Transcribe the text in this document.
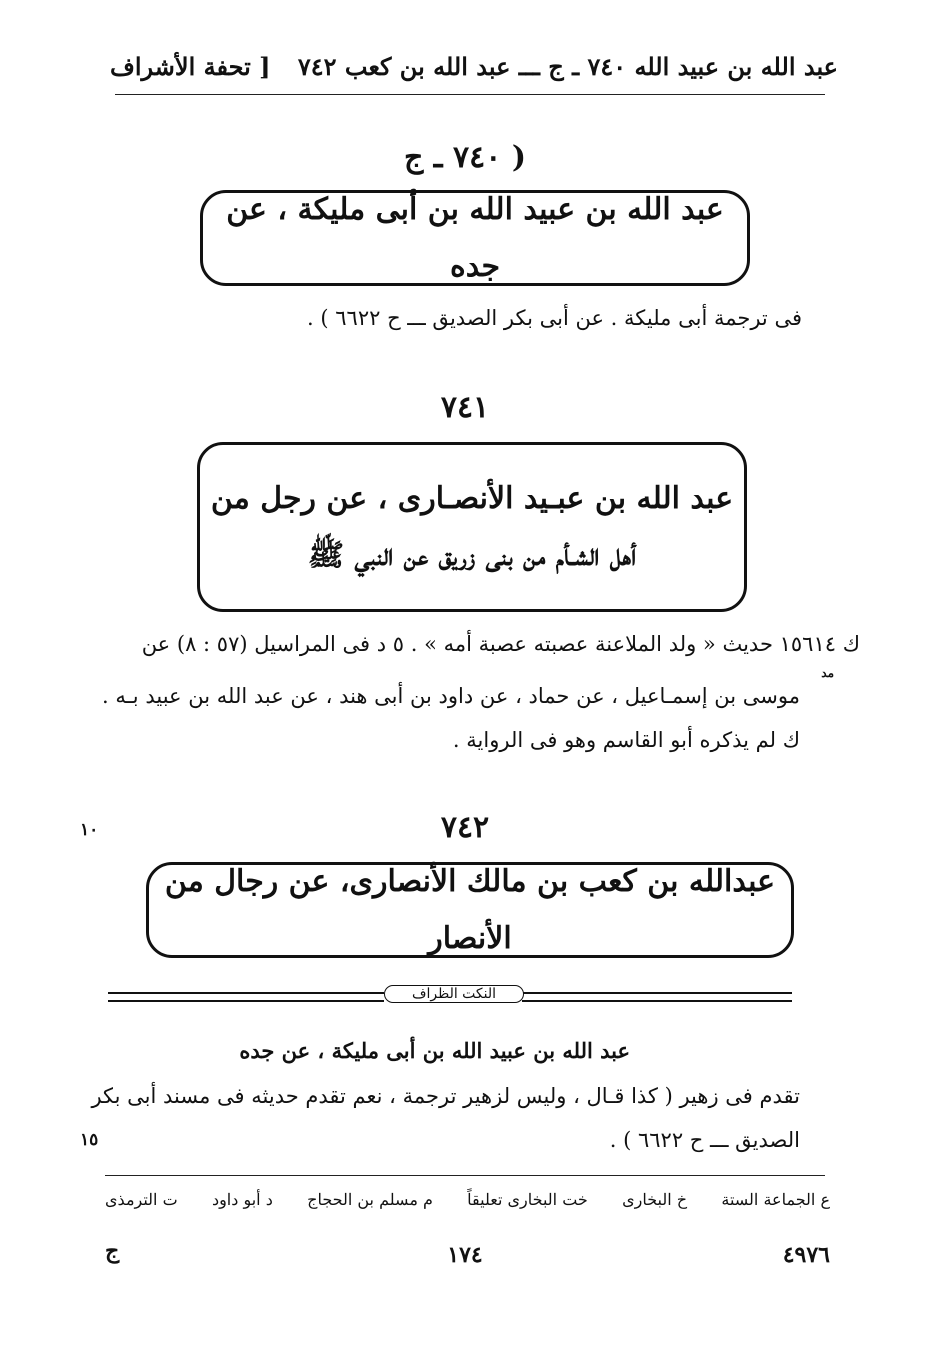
[ تحفة الأشراف عبد الله بن عبيد الله ٧٤٠ ـ ج ـــ عبد الله بن كعب ٧٤٢
( ٧٤٠ ـ ج
عبد الله بن عبيد الله بن أبى مليكة ، عن جده
فى ترجمة أبى مليكة . عن أبى بكر الصديق ـــ ح ٦٦٢٢ ) .
٧٤١
عبد الله بن عبـيد الأنصـارى ، عن رجل من
أهل الشـأم من بنى زريق عن النبي ﷺ
ك ١٥٦١٤ حديث « ولد الملاعنة عصبته عصبة أمه » . ٥ د فى المراسيل (٥٧ : ٨) عن
مد
موسى بن إسمـاعيل ، عن حماد ، عن داود بن أبى هند ، عن عبد الله بن عبيد بـه .
ك لم يذكره أبو القاسم وهو فى الرواية .
١٠	٧٤٢
عبدالله بن كعب بن مالك الأنصارى، عن رجال من الأنصار
النكت الظراف
عبد الله بن عبيد الله بن أبى مليكة ، عن جده
تقدم فى زهير ( كذا قـال ، وليس لزهير ترجمة ، نعم تقدم حديثه فى مسند أبى بكر
١٥	الصديق ـــ ح ٦٦٢٢ ) .
ع الجماعة الستة
خ البخارى
خت البخارى تعليقاً
م مسلم بن الحجاج
د أبو داود
ت الترمذى
ج	١٧٤	٤٩٧٦
